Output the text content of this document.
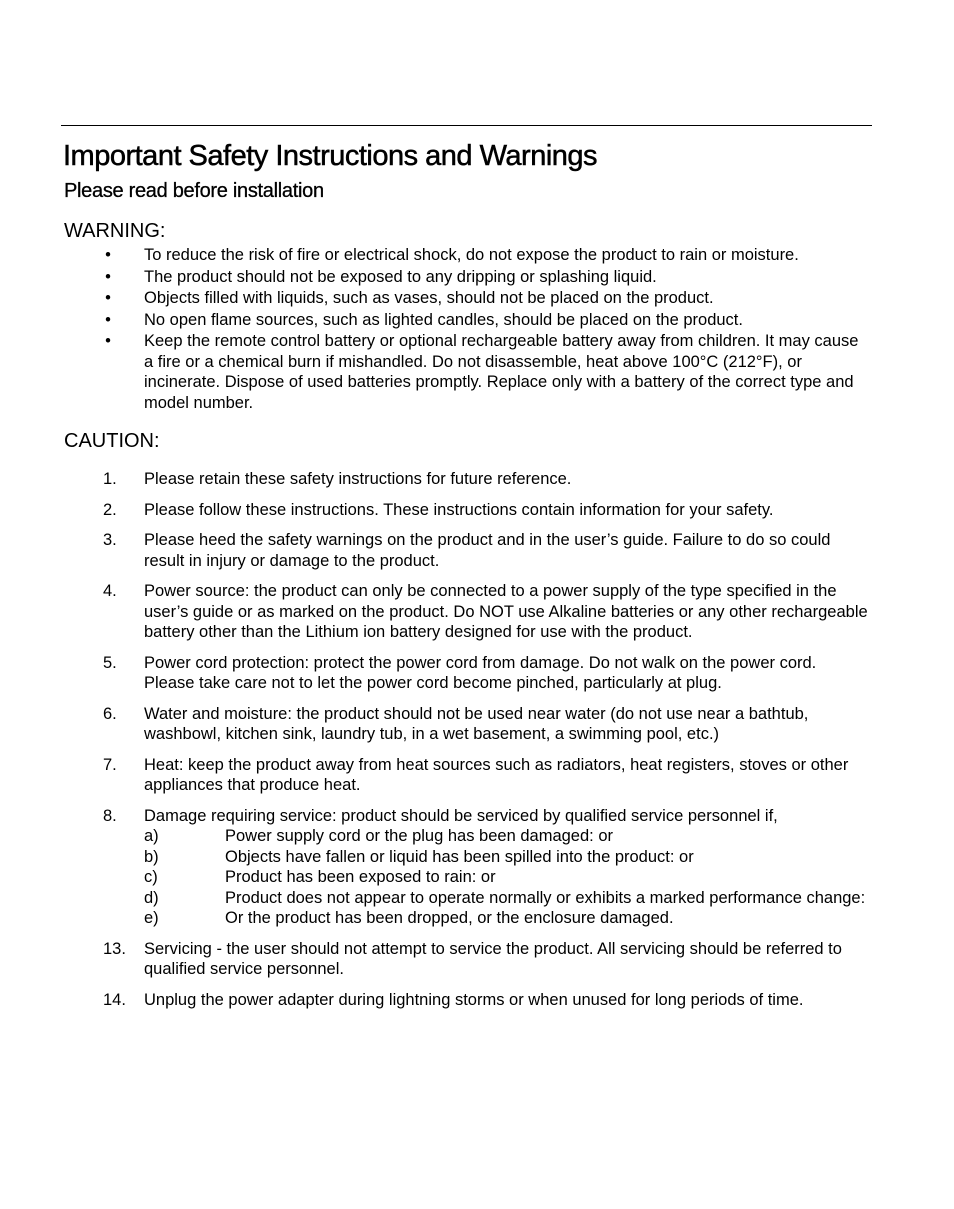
Important Safety Instructions and Warnings
Please read before installation
WARNING:
• To reduce the risk of fire or electrical shock, do not expose the product to rain or moisture.
• The product should not be exposed to any dripping or splashing liquid.
• Objects filled with liquids, such as vases, should not be placed on the product.
• No open flame sources, such as lighted candles, should be placed on the product.
• Keep the remote control battery or optional rechargeable battery away from children. It may cause a fire or a chemical burn if mishandled. Do not disassemble, heat above 100°C (212°F), or incinerate. Dispose of used batteries promptly. Replace only with a battery of the correct type and model number.
CAUTION:
1. Please retain these safety instructions for future reference.
2. Please follow these instructions. These instructions contain information for your safety.
3. Please heed the safety warnings on the product and in the user’s guide. Failure to do so could result in injury or damage to the product.
4. Power source: the product can only be connected to a power supply of the type specified in the user’s guide or as marked on the product. Do NOT use Alkaline batteries or any other rechargeable battery other than the Lithium ion battery designed for use with the product.
5. Power cord protection: protect the power cord from damage. Do not walk on the power cord. Please take care not to let the power cord become pinched, particularly at plug.
6. Water and moisture: the product should not be used near water (do not use near a bathtub, washbowl, kitchen sink, laundry tub, in a wet basement, a swimming pool, etc.)
7. Heat: keep the product away from heat sources such as radiators, heat registers, stoves or other appliances that produce heat.
8. Damage requiring service: product should be serviced by qualified service personnel if,
a)	Power supply cord or the plug has been damaged: or
b)	Objects have fallen or liquid has been spilled into the product: or
c)	Product has been exposed to rain: or
d)	Product does not appear to operate normally or exhibits a marked performance change:
e)	Or the product has been dropped, or the enclosure damaged.
13. Servicing - the user should not attempt to service the product. All servicing should be referred to qualified service personnel.
14. Unplug the power adapter during lightning storms or when unused for long periods of time.
